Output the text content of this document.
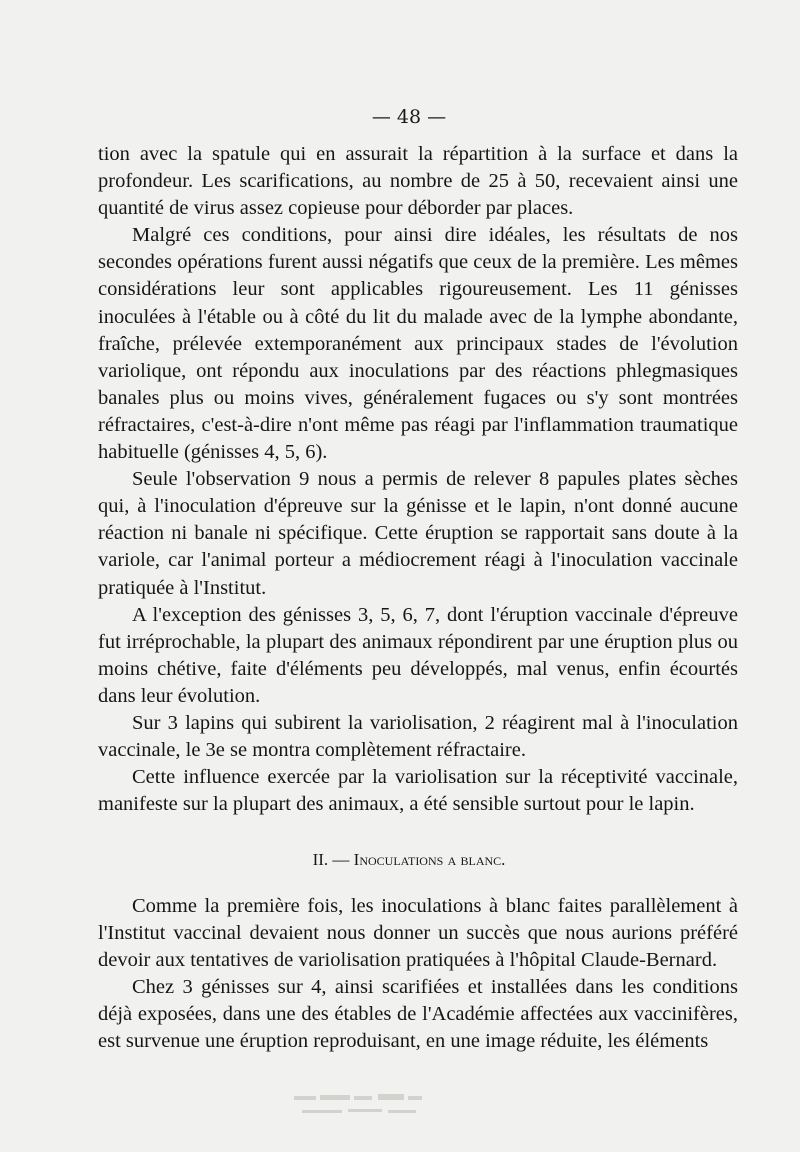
— 48 —

tion avec la spatule qui en assurait la répartition à la surface et dans la profondeur. Les scarifications, au nombre de 25 à 50, recevaient ainsi une quantité de virus assez copieuse pour déborder par places.

Malgré ces conditions, pour ainsi dire idéales, les résultats de nos secondes opérations furent aussi négatifs que ceux de la première. Les mêmes considérations leur sont applicables rigoureusement. Les 11 génisses inoculées à l'étable ou à côté du lit du malade avec de la lymphe abondante, fraîche, prélevée extemporanément aux principaux stades de l'évolution variolique, ont répondu aux inoculations par des réactions phlegmasiques banales plus ou moins vives, généralement fugaces ou s'y sont montrées réfractaires, c'est-à-dire n'ont même pas réagi par l'inflammation traumatique habituelle (génisses 4, 5, 6).

Seule l'observation 9 nous a permis de relever 8 papules plates sèches qui, à l'inoculation d'épreuve sur la génisse et le lapin, n'ont donné aucune réaction ni banale ni spécifique. Cette éruption se rapportait sans doute à la variole, car l'animal porteur a médiocrement réagi à l'inoculation vaccinale pratiquée à l'Institut.

A l'exception des génisses 3, 5, 6, 7, dont l'éruption vaccinale d'épreuve fut irréprochable, la plupart des animaux répondirent par une éruption plus ou moins chétive, faite d'éléments peu développés, mal venus, enfin écourtés dans leur évolution.

Sur 3 lapins qui subirent la variolisation, 2 réagirent mal à l'inoculation vaccinale, le 3e se montra complètement réfractaire.

Cette influence exercée par la variolisation sur la réceptivité vaccinale, manifeste sur la plupart des animaux, a été sensible surtout pour le lapin.

II. — Inoculations a blanc.

Comme la première fois, les inoculations à blanc faites parallèlement à l'Institut vaccinal devaient nous donner un succès que nous aurions préféré devoir aux tentatives de variolisation pratiquées à l'hôpital Claude-Bernard.

Chez 3 génisses sur 4, ainsi scarifiées et installées dans les conditions déjà exposées, dans une des étables de l'Académie affectées aux vaccinifères, est survenue une éruption reproduisant, en une image réduite, les éléments
